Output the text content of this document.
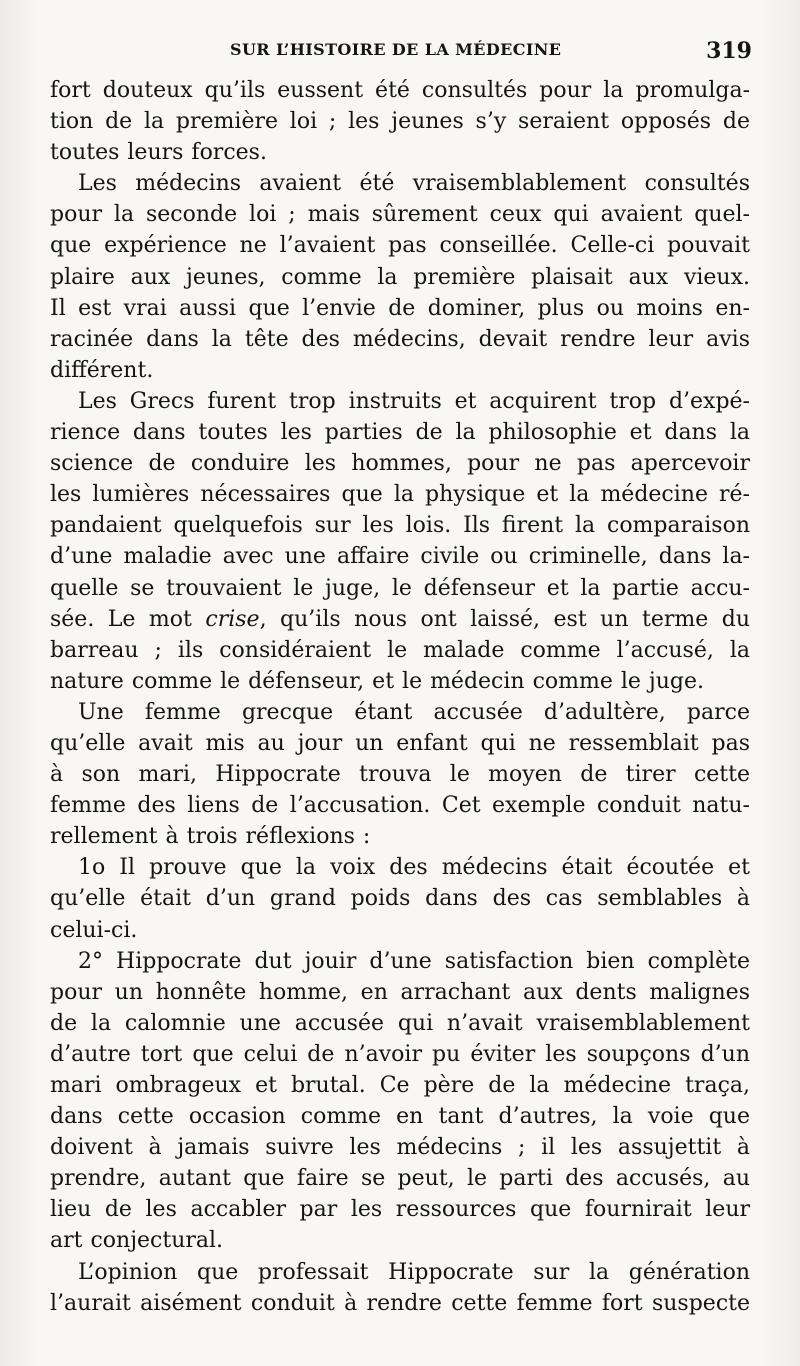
SUR L’HISTOIRE DE LA MÉDECINE	319
fort douteux qu’ils eussent été consultés pour la promulga-
tion de la première loi ; les jeunes s’y seraient opposés de
toutes leurs forces.
Les médecins avaient été vraisemblablement consultés
pour la seconde loi ; mais sûrement ceux qui avaient quel-
que expérience ne l’avaient pas conseillée. Celle-ci pouvait
plaire aux jeunes, comme la première plaisait aux vieux.
Il est vrai aussi que l’envie de dominer, plus ou moins en-
racinée dans la tête des médecins, devait rendre leur avis
différent.
Les Grecs furent trop instruits et acquirent trop d’expé-
rience dans toutes les parties de la philosophie et dans la
science de conduire les hommes, pour ne pas apercevoir
les lumières nécessaires que la physique et la médecine ré-
pandaient quelquefois sur les lois. Ils firent la comparaison
d’une maladie avec une affaire civile ou criminelle, dans la-
quelle se trouvaient le juge, le défenseur et la partie accu-
sée. Le mot crise, qu’ils nous ont laissé, est un terme du
barreau ; ils considéraient le malade comme l’accusé, la
nature comme le défenseur, et le médecin comme le juge.
Une femme grecque étant accusée d’adultère, parce
qu’elle avait mis au jour un enfant qui ne ressemblait pas
à son mari, Hippocrate trouva le moyen de tirer cette
femme des liens de l’accusation. Cet exemple conduit natu-
rellement à trois réflexions :
1o Il prouve que la voix des médecins était écoutée et
qu’elle était d’un grand poids dans des cas semblables à
celui-ci.
2° Hippocrate dut jouir d’une satisfaction bien complète
pour un honnête homme, en arrachant aux dents malignes
de la calomnie une accusée qui n’avait vraisemblablement
d’autre tort que celui de n’avoir pu éviter les soupçons d’un
mari ombrageux et brutal. Ce père de la médecine traça,
dans cette occasion comme en tant d’autres, la voie que
doivent à jamais suivre les médecins ; il les assujettit à
prendre, autant que faire se peut, le parti des accusés, au
lieu de les accabler par les ressources que fournirait leur
art conjectural.
L’opinion que professait Hippocrate sur la génération
l’aurait aisément conduit à rendre cette femme fort suspecte
